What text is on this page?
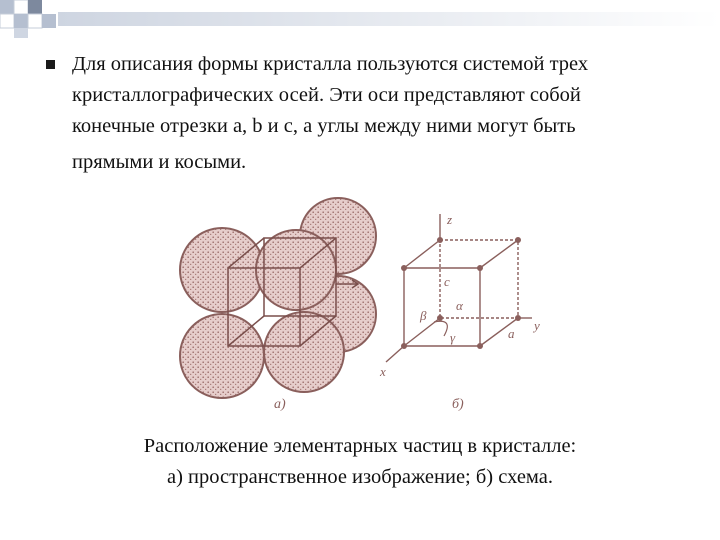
Для описания формы кристалла пользуются системой трех
кристаллографических осей. Эти оси представляют собой
конечные отрезки a, b и c, а углы между ними могут быть
прямыми и косыми.

a)
z
y
x
c
a
β
α
γ
б)
Расположение элементарных частиц в кристалле:
а) пространственное изображение; б) схема.
